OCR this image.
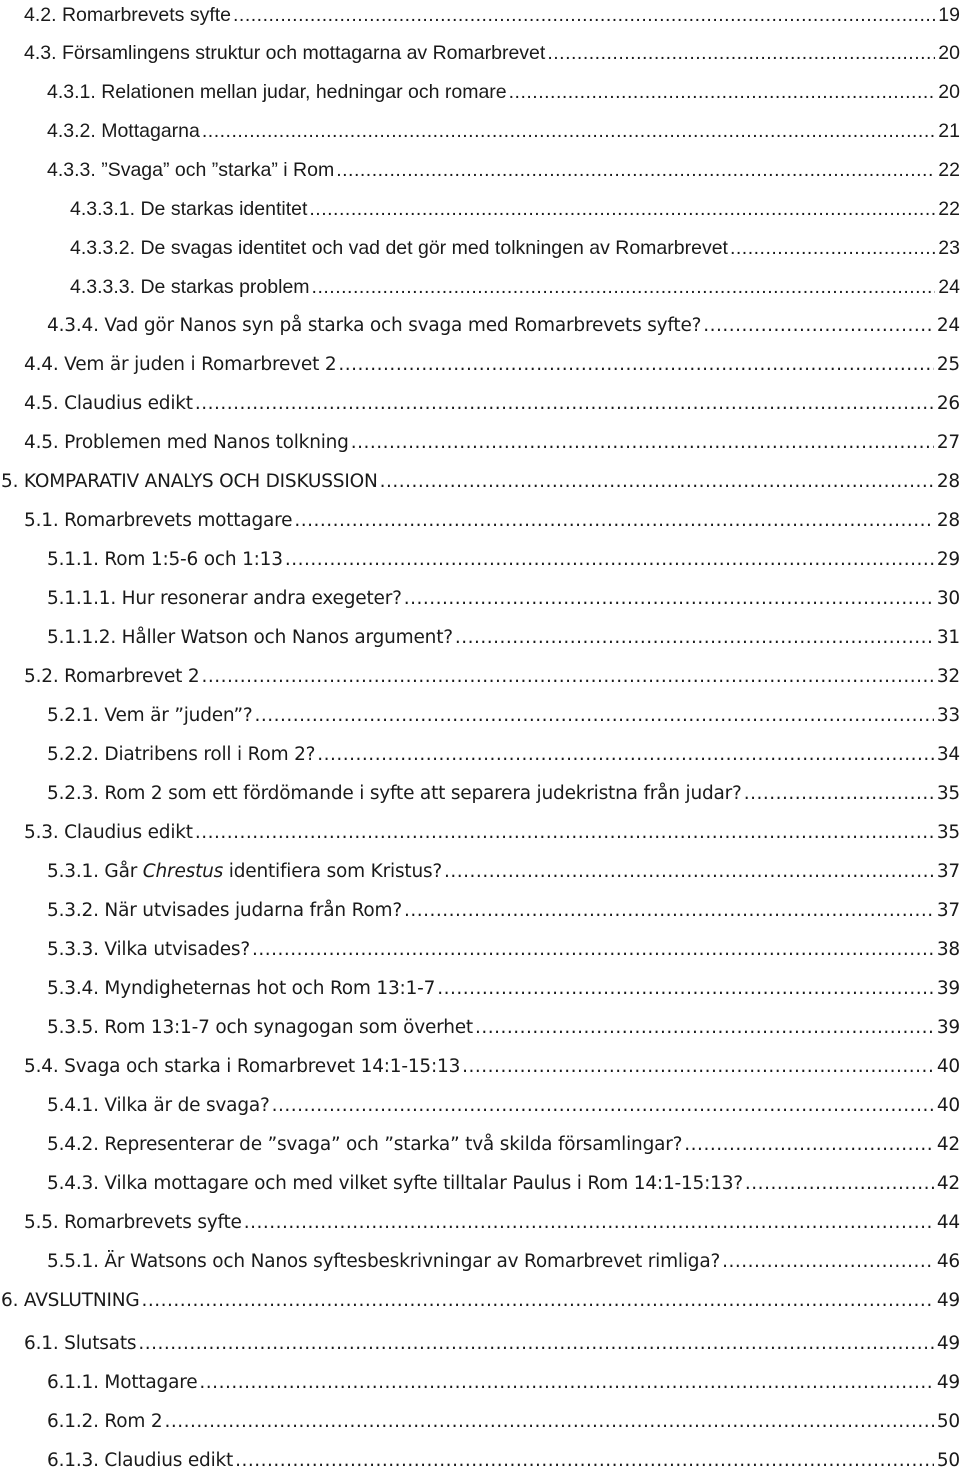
4.2. Romarbrevets syfte .....	19
4.3. Församlingens struktur och mottagarna av Romarbrevet .....	20
4.3.1. Relationen mellan judar, hedningar och romare .....	20
4.3.2. Mottagarna .....	21
4.3.3. ”Svaga” och ”starka” i Rom .....	22
4.3.3.1. De starkas identitet .....	22
4.3.3.2. De svagas identitet och vad det gör med tolkningen av Romarbrevet .....	23
4.3.3.3. De starkas problem .....	24
4.3.4. Vad gör Nanos syn på starka och svaga med Romarbrevets syfte? .....	24
4.4. Vem är juden i Romarbrevet 2 .....	25
4.5. Claudius edikt .....	26
4.5. Problemen med Nanos tolkning .....	27
5. KOMPARATIV ANALYS OCH DISKUSSION .....	28
5.1. Romarbrevets mottagare .....	28
5.1.1. Rom 1:5-6 och 1:13 .....	29
5.1.1.1. Hur resonerar andra exegeter? .....	30
5.1.1.2. Håller Watson och Nanos argument? .....	31
5.2. Romarbrevet 2 .....	32
5.2.1. Vem är ”juden”? .....	33
5.2.2. Diatribens roll i Rom 2? .....	34
5.2.3. Rom 2 som ett fördömande i syfte att separera judekristna från judar? .....	35
5.3. Claudius edikt .....	35
5.3.1. Går Chrestus identifiera som Kristus? .....	37
5.3.2. När utvisades judarna från Rom? .....	37
5.3.3. Vilka utvisades? .....	38
5.3.4. Myndigheternas hot och Rom 13:1-7 .....	39
5.3.5. Rom 13:1-7 och synagogan som överhet .....	39
5.4. Svaga och starka i Romarbrevet 14:1-15:13 .....	40
5.4.1. Vilka är de svaga? .....	40
5.4.2. Representerar de ”svaga” och ”starka” två skilda församlingar? .....	42
5.4.3. Vilka mottagare och med vilket syfte tilltalar Paulus i Rom 14:1-15:13? .....	42
5.5. Romarbrevets syfte .....	44
5.5.1. Är Watsons och Nanos syftesbeskrivningar av Romarbrevet rimliga? .....	46
6. AVSLUTNING .....	49
6.1. Slutsats .....	49
6.1.1. Mottagare .....	49
6.1.2. Rom 2 .....	50
6.1.3. Claudius edikt .....	50
